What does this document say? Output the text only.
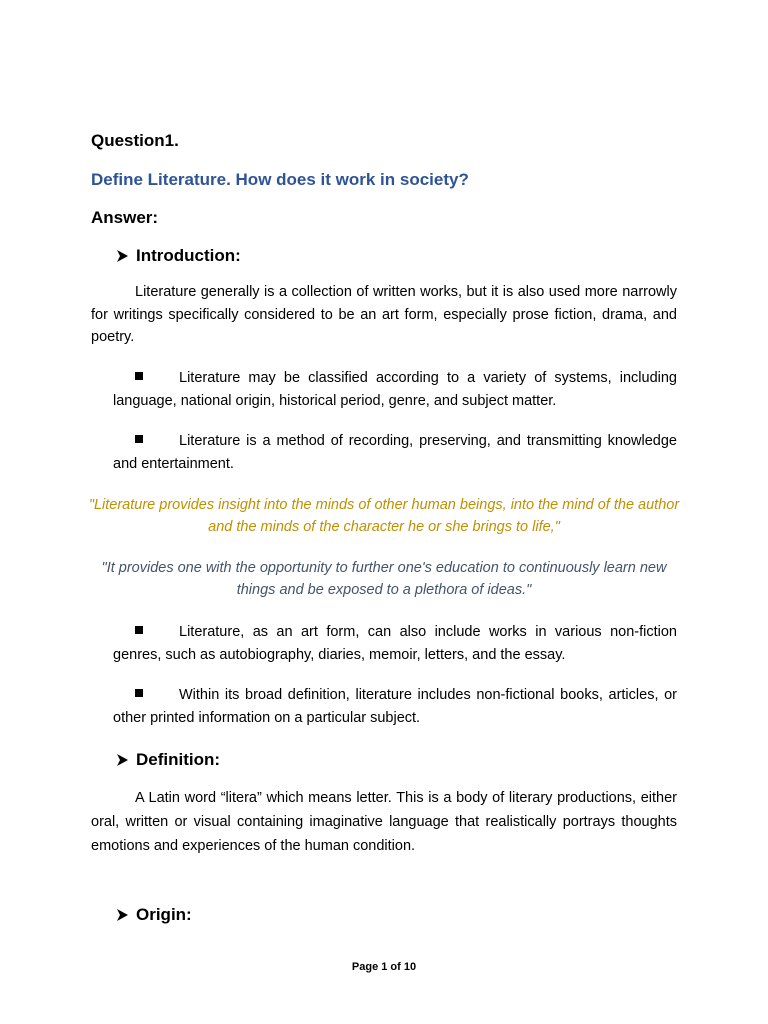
Question1.
Define Literature. How does it work in society?
Answer:
Introduction:
Literature generally is a collection of written works, but it is also used more narrowly for writings specifically considered to be an art form, especially prose fiction, drama, and poetry.
Literature may be classified according to a variety of systems, including language, national origin, historical period, genre, and subject matter.
Literature is a method of recording, preserving, and transmitting knowledge and entertainment.
"Literature provides insight into the minds of other human beings, into the mind of the author and the minds of the character he or she brings to life,"
"It provides one with the opportunity to further one's education to continuously learn new things and be exposed to a plethora of ideas."
Literature, as an art form, can also include works in various non-fiction genres, such as autobiography, diaries, memoir, letters, and the essay.
Within its broad definition, literature includes non-fictional books, articles, or other printed information on a particular subject.
Definition:
A Latin word “litera” which means letter. This is a body of literary productions, either oral, written or visual containing imaginative language that realistically portrays thoughts emotions and experiences of the human condition.
Origin:
Page 1 of 10
